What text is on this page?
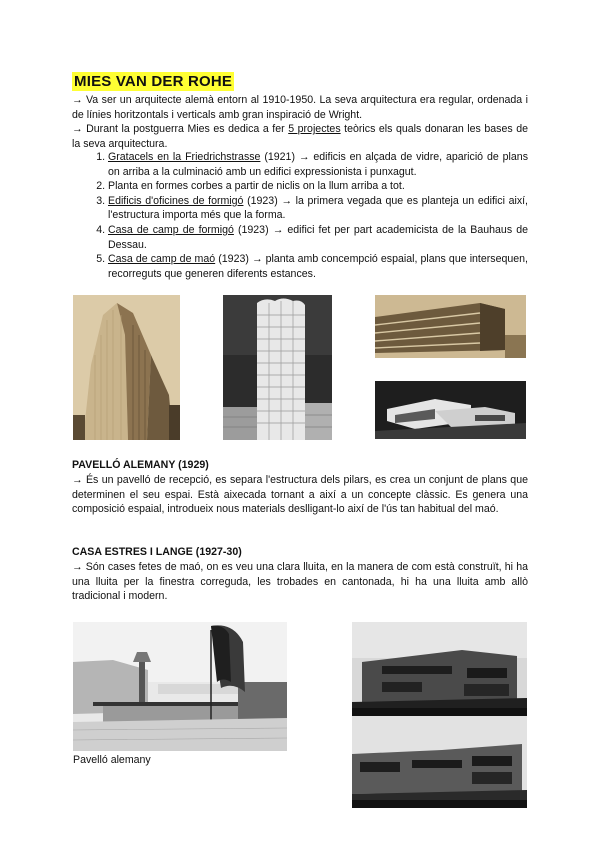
MIES VAN DER ROHE

→ Va ser un arquitecte alemà entorn al 1910-1950. La seva arquitectura era regular, ordenada i de línies horitzontals i verticals amb gran inspiració de Wright.

→ Durant la postguerra Mies es dedica a fer 5 projectes teòrics els quals donaran les bases de la seva arquitectura.

1. Gratacels en la Friedrichstrasse (1921) → edificis en alçada de vidre, aparició de plans on arriba a la culminació amb un edifici expressionista i punxagut.
2. Planta en formes corbes a partir de niclis on la llum arriba a tot.
3. Edificis d'oficines de formigó (1923) → la primera vegada que es planteja un edifici així, l'estructura importa més que la forma.
4. Casa de camp de formigó (1923) → edifici fet per part academicista de la Bauhaus de Dessau.
5. Casa de camp de maó (1923) → planta amb concempció espaial, plans que intersequen, recorreguts que generen diferents estances.
PAVELLÓ ALEMANY (1929)

→ És un pavelló de recepció, es separa l'estructura dels pilars, es crea un conjunt de plans que determinen el seu espai. Està aixecada tornant a així a un concepte clàssic. Es genera una composició espaial, introdueix nous materials deslligant-lo així de l'ús tan habitual del maó.

CASA ESTRES I LANGE (1927-30)

→ Són cases fetes de maó, on es veu una clara lluita, en la manera de com està construït, hi ha una lluita per la finestra correguda, les trobades en cantonada, hi ha una lluita amb allò tradicional i modern.

Pavelló alemany
